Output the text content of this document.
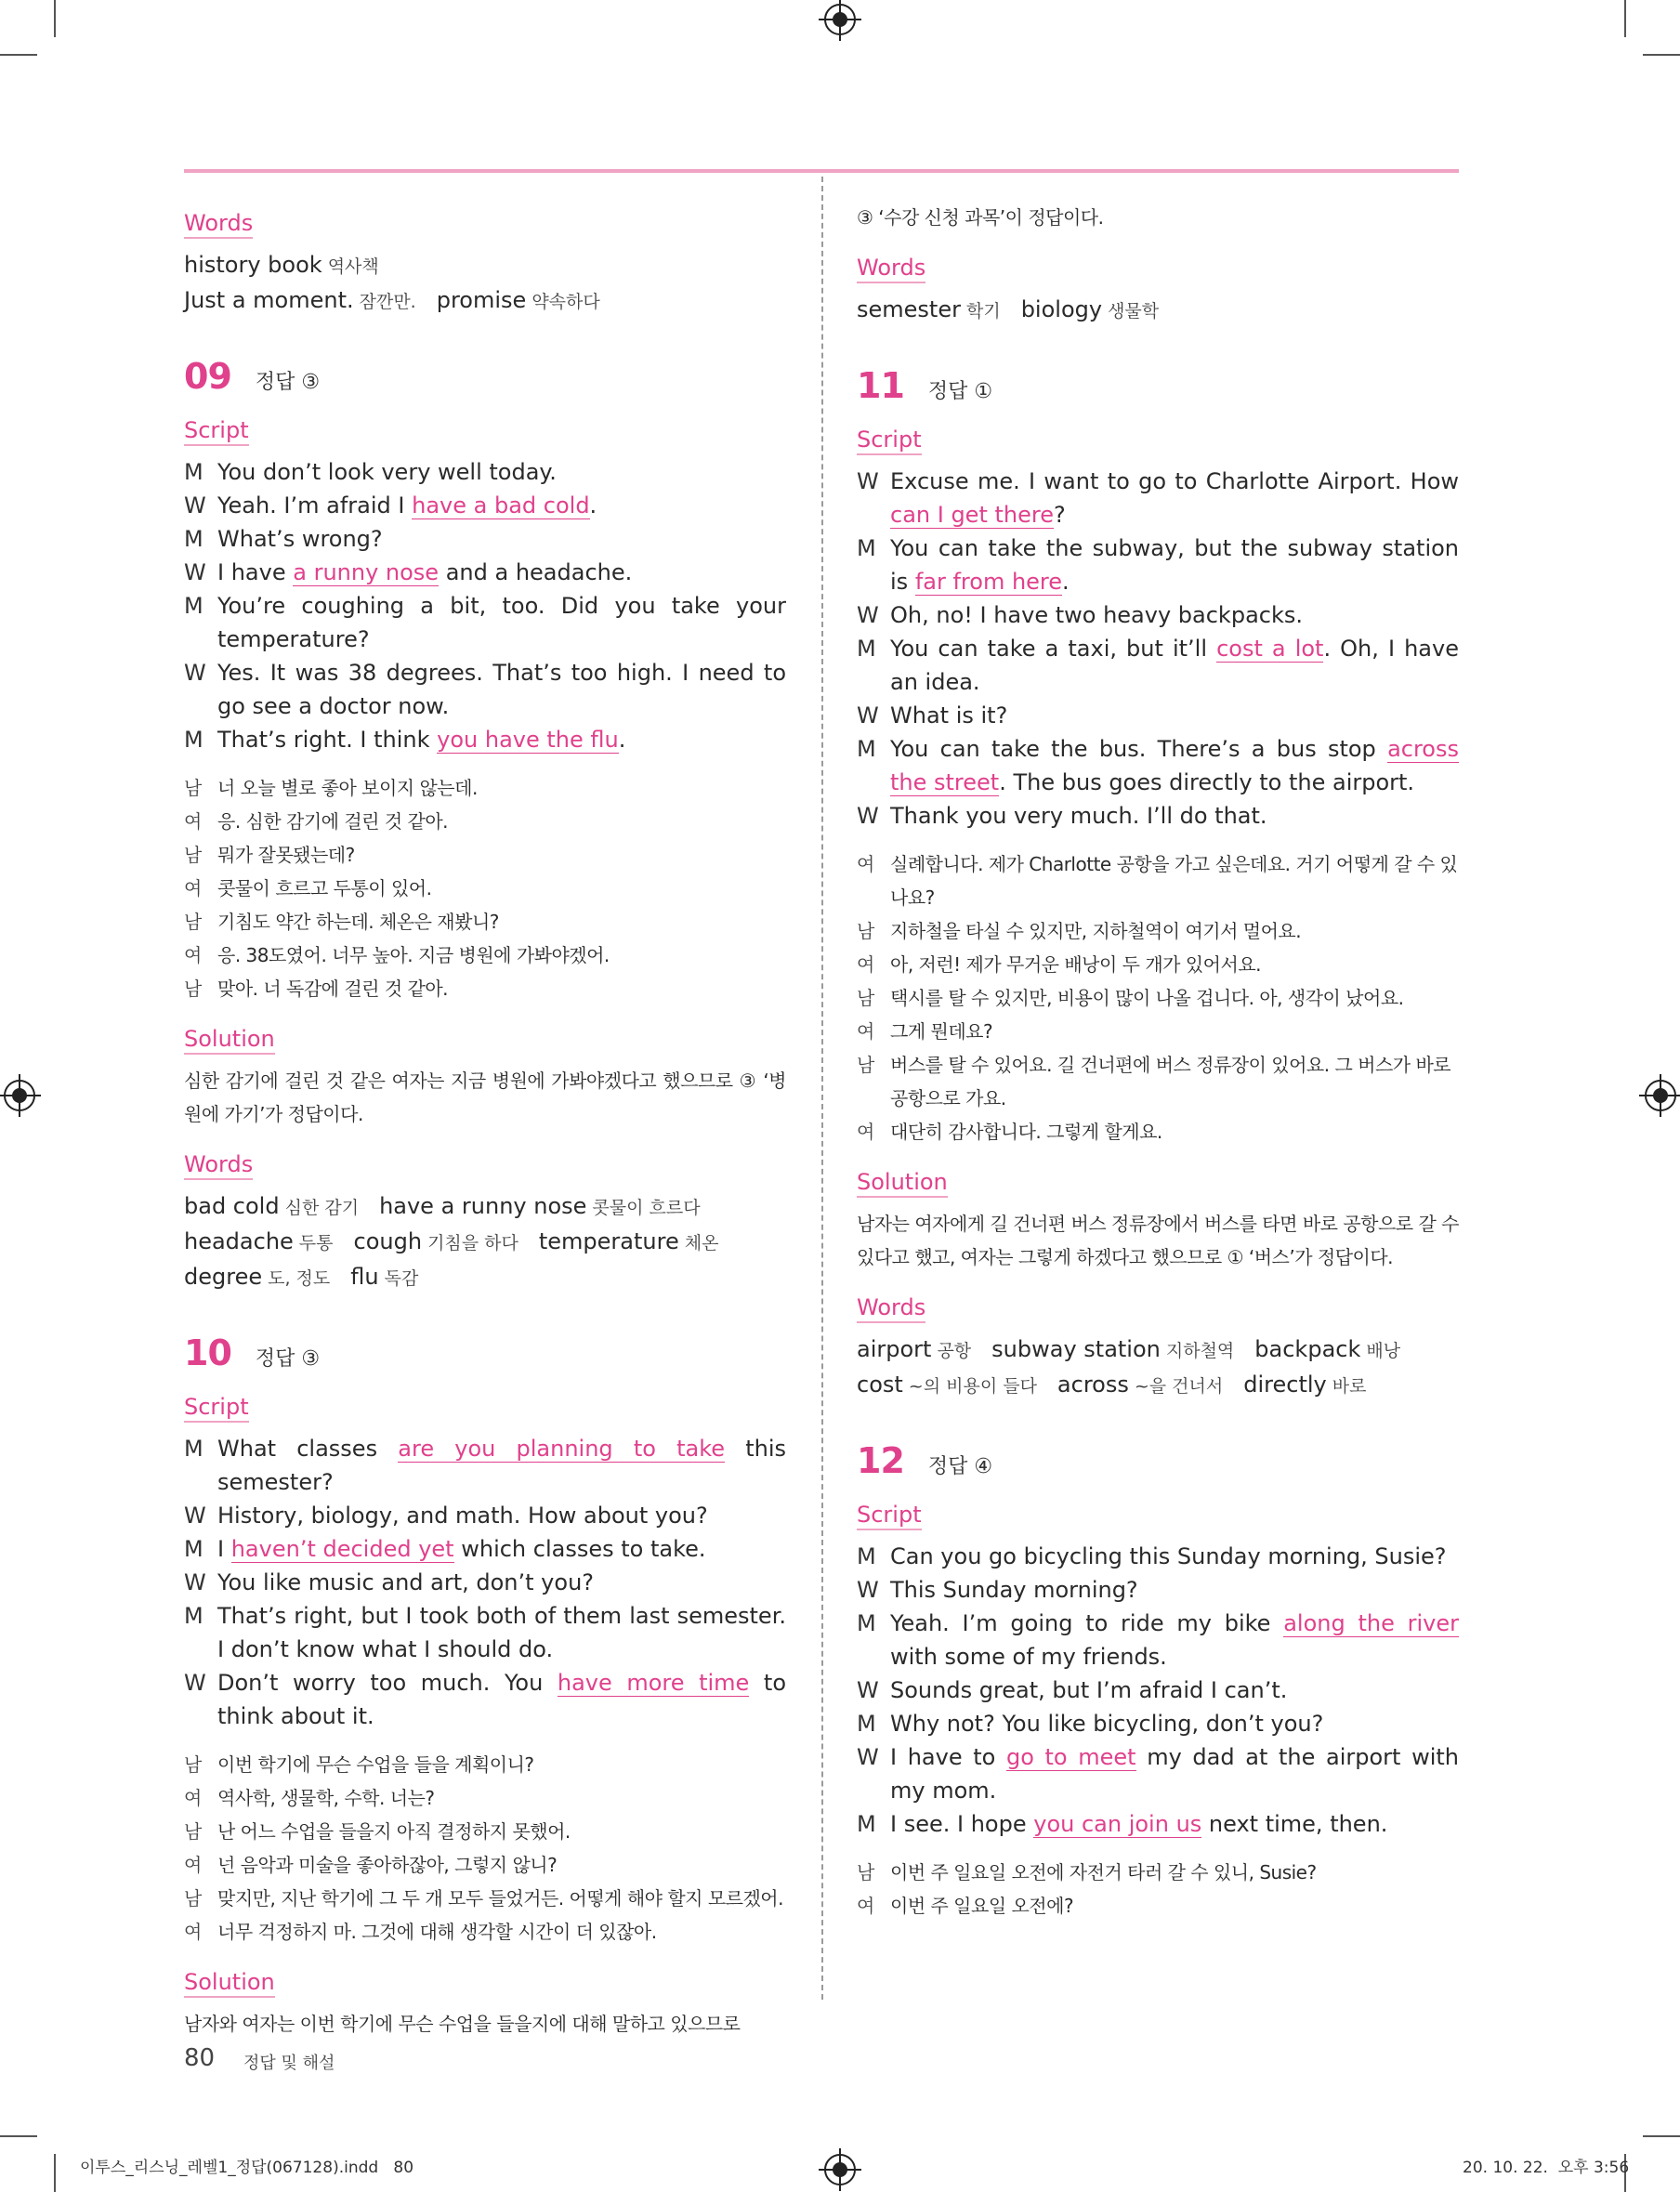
Words
history book 역사책Just a moment. 잠깐만. promise 약속하다
09 정답 ③
Script
M You don’t look very well today.
W Yeah. I’m afraid I have a bad cold.
M What’s wrong?
W I have a runny nose and a headache.
M You’re coughing a bit, too. Did you take your temperature?
W Yes. It was 38 degrees. That’s too high. I need to go see a doctor now.
M That’s right. I think you have the flu.
남 너 오늘 별로 좋아 보이지 않는데.
여 응. 심한 감기에 걸린 것 같아.
남 뭐가 잘못됐는데?
여 콧물이 흐르고 두통이 있어.
남 기침도 약간 하는데. 체온은 재봤니?
여 응. 38도였어. 너무 높아. 지금 병원에 가봐야겠어.
남 맞아. 너 독감에 걸린 것 같아.
Solution
심한 감기에 걸린 것 같은 여자는 지금 병원에 가봐야겠다고 했으므로 ③ ‘병원에 가기’가 정답이다.
Words
bad cold 심한 감기 have a runny nose 콧물이 흐르다
headache 두통 cough 기침을 하다 temperature 체온
degree 도, 정도 flu 독감
10 정답 ③
Script
M What classes are you planning to take this semester?
W History, biology, and math. How about you?
M I haven’t decided yet which classes to take.
W You like music and art, don’t you?
M That’s right, but I took both of them last semester. I don’t know what I should do.
W Don’t worry too much. You have more time to think about it.
남 이번 학기에 무슨 수업을 들을 계획이니?
여 역사학, 생물학, 수학. 너는?
남 난 어느 수업을 들을지 아직 결정하지 못했어.
여 넌 음악과 미술을 좋아하잖아, 그렇지 않니?
남 맞지만, 지난 학기에 그 두 개 모두 들었거든. 어떻게 해야 할지 모르겠어.
여 너무 걱정하지 마. 그것에 대해 생각할 시간이 더 있잖아.
Solution
남자와 여자는 이번 학기에 무슨 수업을 들을지에 대해 말하고 있으므로
③ ‘수강 신청 과목’이 정답이다.
Words
semester 학기 biology 생물학
11 정답 ①
Script
W Excuse me. I want to go to Charlotte Airport. How can I get there?
M You can take the subway, but the subway station is far from here.
W Oh, no! I have two heavy backpacks.
M You can take a taxi, but it’ll cost a lot. Oh, I have an idea.
W What is it?
M You can take the bus. There’s a bus stop across the street. The bus goes directly to the airport.
W Thank you very much. I’ll do that.
여 실례합니다. 제가 Charlotte 공항을 가고 싶은데요. 거기 어떻게 갈 수 있나요?
남 지하철을 타실 수 있지만, 지하철역이 여기서 멀어요.
여 아, 저런! 제가 무거운 배낭이 두 개가 있어서요.
남 택시를 탈 수 있지만, 비용이 많이 나올 겁니다. 아, 생각이 났어요.
여 그게 뭔데요?
남 버스를 탈 수 있어요. 길 건너편에 버스 정류장이 있어요. 그 버스가 바로 공항으로 가요.
여 대단히 감사합니다. 그렇게 할게요.
Solution
남자는 여자에게 길 건너편 버스 정류장에서 버스를 타면 바로 공항으로 갈 수 있다고 했고, 여자는 그렇게 하겠다고 했으므로 ① ‘버스’가 정답이다.
Words
airport 공항 subway station 지하철역 backpack 배낭
cost ~의 비용이 들다 across ~을 건너서 directly 바로
12 정답 ④
Script
M Can you go bicycling this Sunday morning, Susie?
W This Sunday morning?
M Yeah. I’m going to ride my bike along the river with some of my friends.
W Sounds great, but I’m afraid I can’t.
M Why not? You like bicycling, don’t you?
W I have to go to meet my dad at the airport with my mom.
M I see. I hope you can join us next time, then.
남 이번 주 일요일 오전에 자전거 타러 갈 수 있니, Susie?
여 이번 주 일요일 오전에?
80 정답 및 해설
이투스_리스닝_레벨1_정답(067128).indd 80	20. 10. 22. 오후 3:56
